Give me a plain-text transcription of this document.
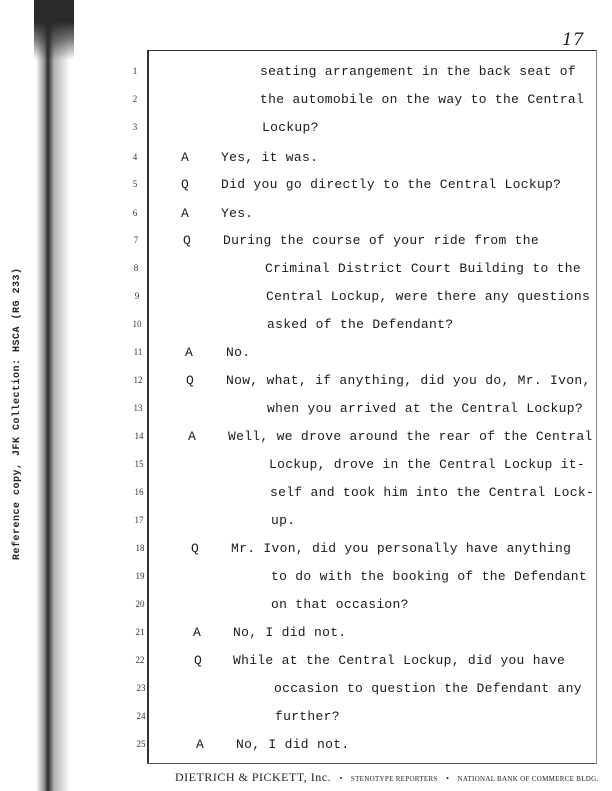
Reference copy, JFK Collection: HSCA (RG 233)
17
1	seating arrangement in the back seat of
2	the automobile on the way to the Central
3	Lockup?
4	A Yes, it was.
5	Q Did you go directly to the Central Lockup?
6	A Yes.
7	Q During the course of your ride from the
8	Criminal District Court Building to the
9	Central Lockup, were there any questions
10	asked of the Defendant?
11	A	No.
12	Q Now, what, if anything, did you do, Mr. Ivon,
13	when you arrived at the Central Lockup?
14	A Well, we drove around the rear of the Central
15	Lockup, drove in the Central Lockup it-
16	self and took him into the Central Lock-
17	up.
18	Q Mr. Ivon, did you personally have anything
19	to do with the booking of the Defendant
20	on that occasion?
21	A No, I did not.
22	Q While at the Central Lockup, did you have
23	occasion to question the Defendant any
24	further?
25	A No, I did not.
DIETRICH & PICKETT, Inc. • STENOTYPE REPORTERS • NATIONAL BANK OF COMMERCE BLDG.
